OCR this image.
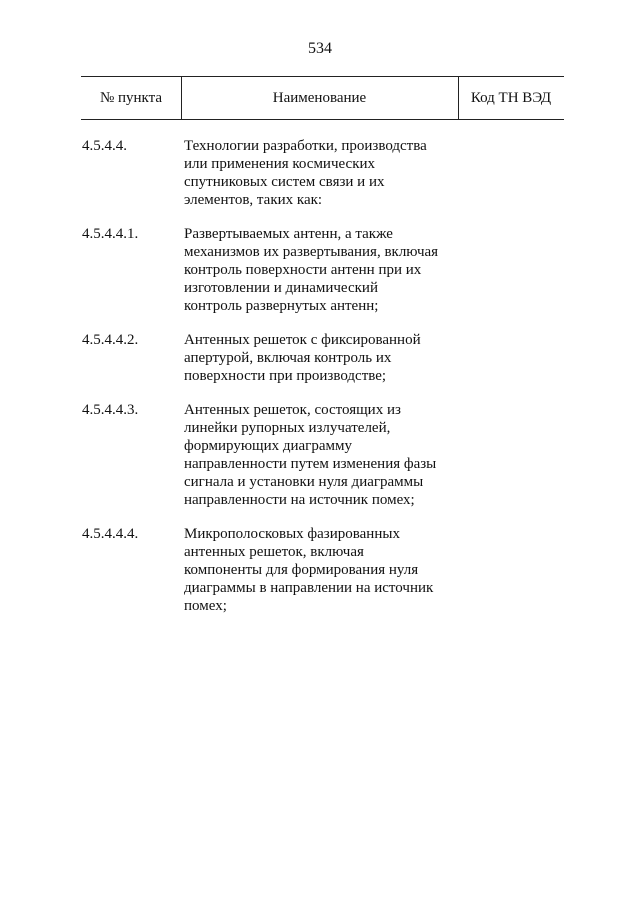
534
№ пункта	Наименование	Код ТН ВЭД
4.5.4.4.	Технологии разработки, производства
или применения космических
спутниковых систем связи и их
элементов, таких как:
4.5.4.4.1.	Развертываемых антенн, а также
механизмов их развертывания, включая
контроль поверхности антенн при их
изготовлении и динамический
контроль развернутых антенн;
4.5.4.4.2.	Антенных решеток с фиксированной
апертурой, включая контроль их
поверхности при производстве;
4.5.4.4.3.	Антенных решеток, состоящих из
линейки рупорных излучателей,
формирующих диаграмму
направленности путем изменения фазы
сигнала и установки нуля диаграммы
направленности на источник помех;
4.5.4.4.4.	Микрополосковых фазированных
антенных решеток, включая
компоненты для формирования нуля
диаграммы в направлении на источник
помех;
